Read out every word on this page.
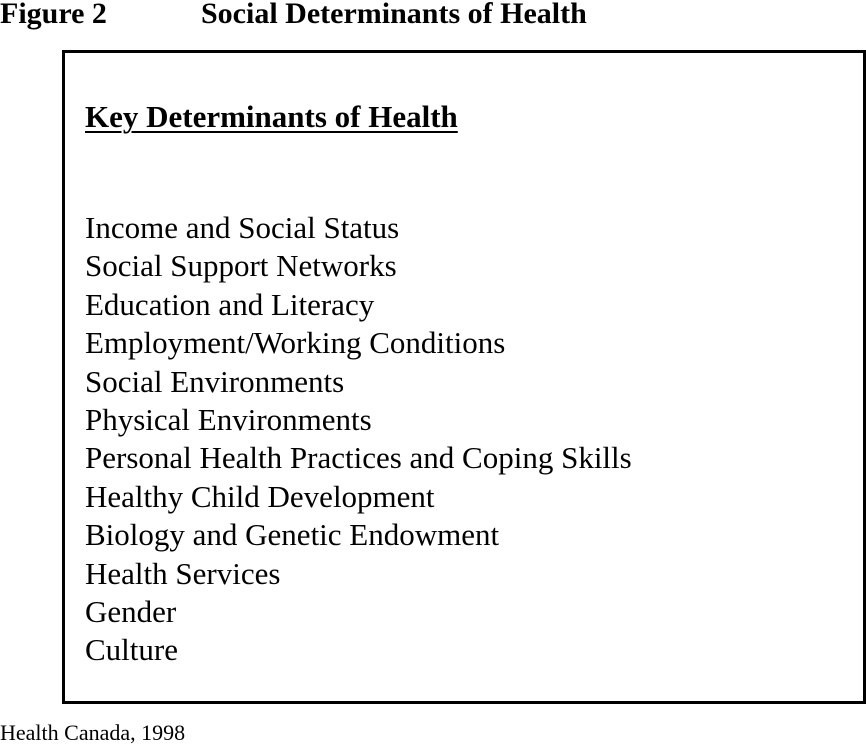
Figure 2	Social Determinants of Health
Key Determinants of Health
Income and Social Status
Social Support Networks
Education and Literacy
Employment/Working Conditions
Social Environments
Physical Environments
Personal Health Practices and Coping Skills
Healthy Child Development
Biology and Genetic Endowment
Health Services
Gender
Culture
Health Canada, 1998
